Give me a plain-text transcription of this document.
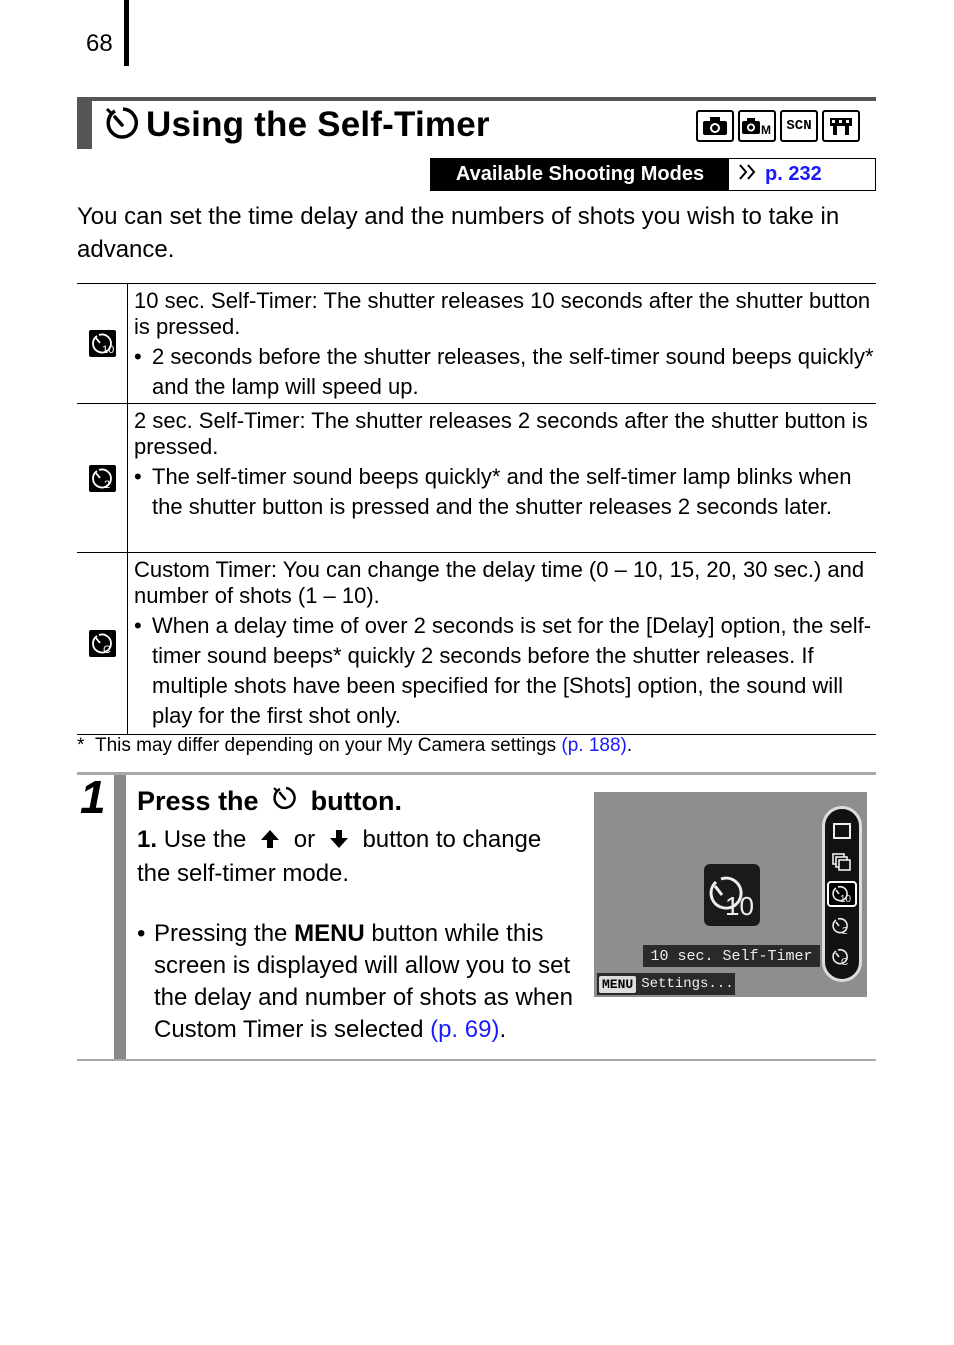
68
Using the Self-Timer	M	SCN
Available Shooting Modes	p. 232
You can set the time delay and the numbers of shots you wish to take in advance.
10
10 sec. Self-Timer: The shutter releases 10 seconds after the shutter button is pressed.
• 2 seconds before the shutter releases, the self-timer sound beeps quickly* and the lamp will speed up.
2
2 sec. Self-Timer: The shutter releases 2 seconds after the shutter button is pressed.
• The self-timer sound beeps quickly* and the self-timer lamp blinks when the shutter button is pressed and the shutter releases 2 seconds later.
C
Custom Timer: You can change the delay time (0 – 10, 15, 20, 30 sec.) and number of shots (1 – 10).
• When a delay time of over 2 seconds is set for the [Delay] option, the self-timer sound beeps* quickly 2 seconds before the shutter releases. If multiple shots have been specified for the [Shots] option, the sound will play for the first shot only.
* This may differ depending on your My Camera settings (p. 188).
1 Press the button.
1. Use the or button to change the self-timer mode.
• Pressing the MENU button while this screen is displayed will allow you to set the delay and number of shots as when Custom Timer is selected (p. 69).
10
10 sec. Self-Timer
MENU Settings...
10
2
C
